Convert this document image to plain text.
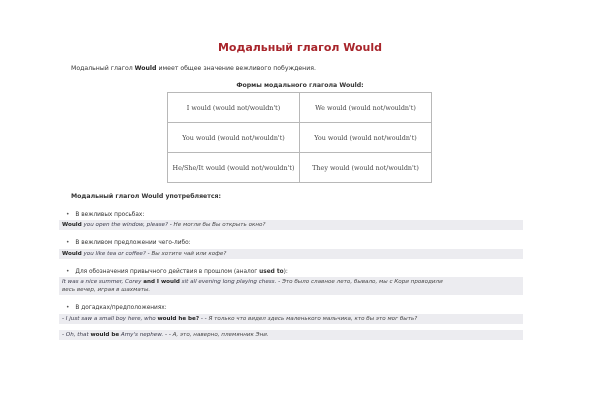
Модальный глагол Would
Модальный глагол Would имеет общее значение вежливого побуждения.
Формы модального глагола Would:
I would (would not/wouldn't)	We would (would not/wouldn't)
You would (would not/wouldn't)	You would (would not/wouldn't)
He/She/It would (would not/wouldn't)	They would (would not/wouldn't)
Модальный глагол Would употребляется:
• В вежливых просьбах:
Would you open the window, please? - Не могли бы Вы открыть окно?
• В вежливом предложении чего-либо:
Would you like tea or coffee? - Вы хотите чай или кофе?
• Для обозначения привычного действия в прошлом (аналог used to):
It was a nice summer, Corey and I would sit all evening long playing chess. - Это было славное лето, бывало, мы с Кори проводили
весь вечер, играя в шахматы.
• В догадках/предположениях:
- I just saw a small boy here, who would he be? - - Я только что видел здесь маленького мальчика, кто бы это мог быть?
- Oh, that would be Amy's nephew. - - А, это, наверно, племянник Эни.
